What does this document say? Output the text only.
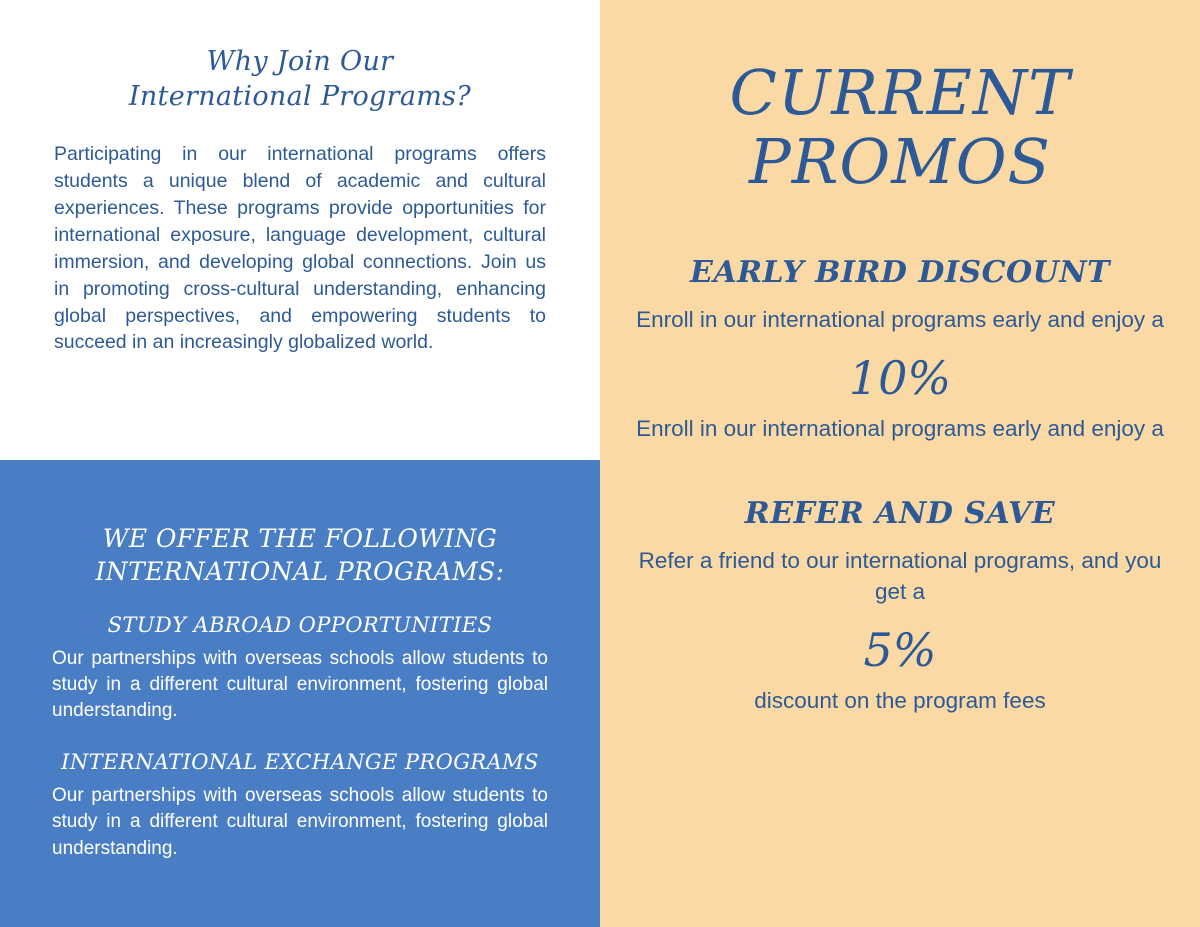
Why Join Our
International Programs?

Participating in our international programs offers students a unique blend of academic and cultural experiences. These programs provide opportunities for international exposure, language development, cultural immersion, and developing global connections. Join us in promoting cross-cultural understanding, enhancing global perspectives, and empowering students to succeed in an increasingly globalized world.

WE OFFER THE FOLLOWING
INTERNATIONAL PROGRAMS:
STUDY ABROAD OPPORTUNITIES

Our partnerships with overseas schools allow students to study in a different cultural environment, fostering global understanding.

INTERNATIONAL EXCHANGE PROGRAMS

Our partnerships with overseas schools allow students to study in a different cultural environment, fostering global understanding.

CURRENT
PROMOS
EARLY BIRD DISCOUNT

Enroll in our international programs early and enjoy a

10%

Enroll in our international programs early and enjoy a

REFER AND SAVE

Refer a friend to our international programs, and you get a

5%

discount on the program fees
